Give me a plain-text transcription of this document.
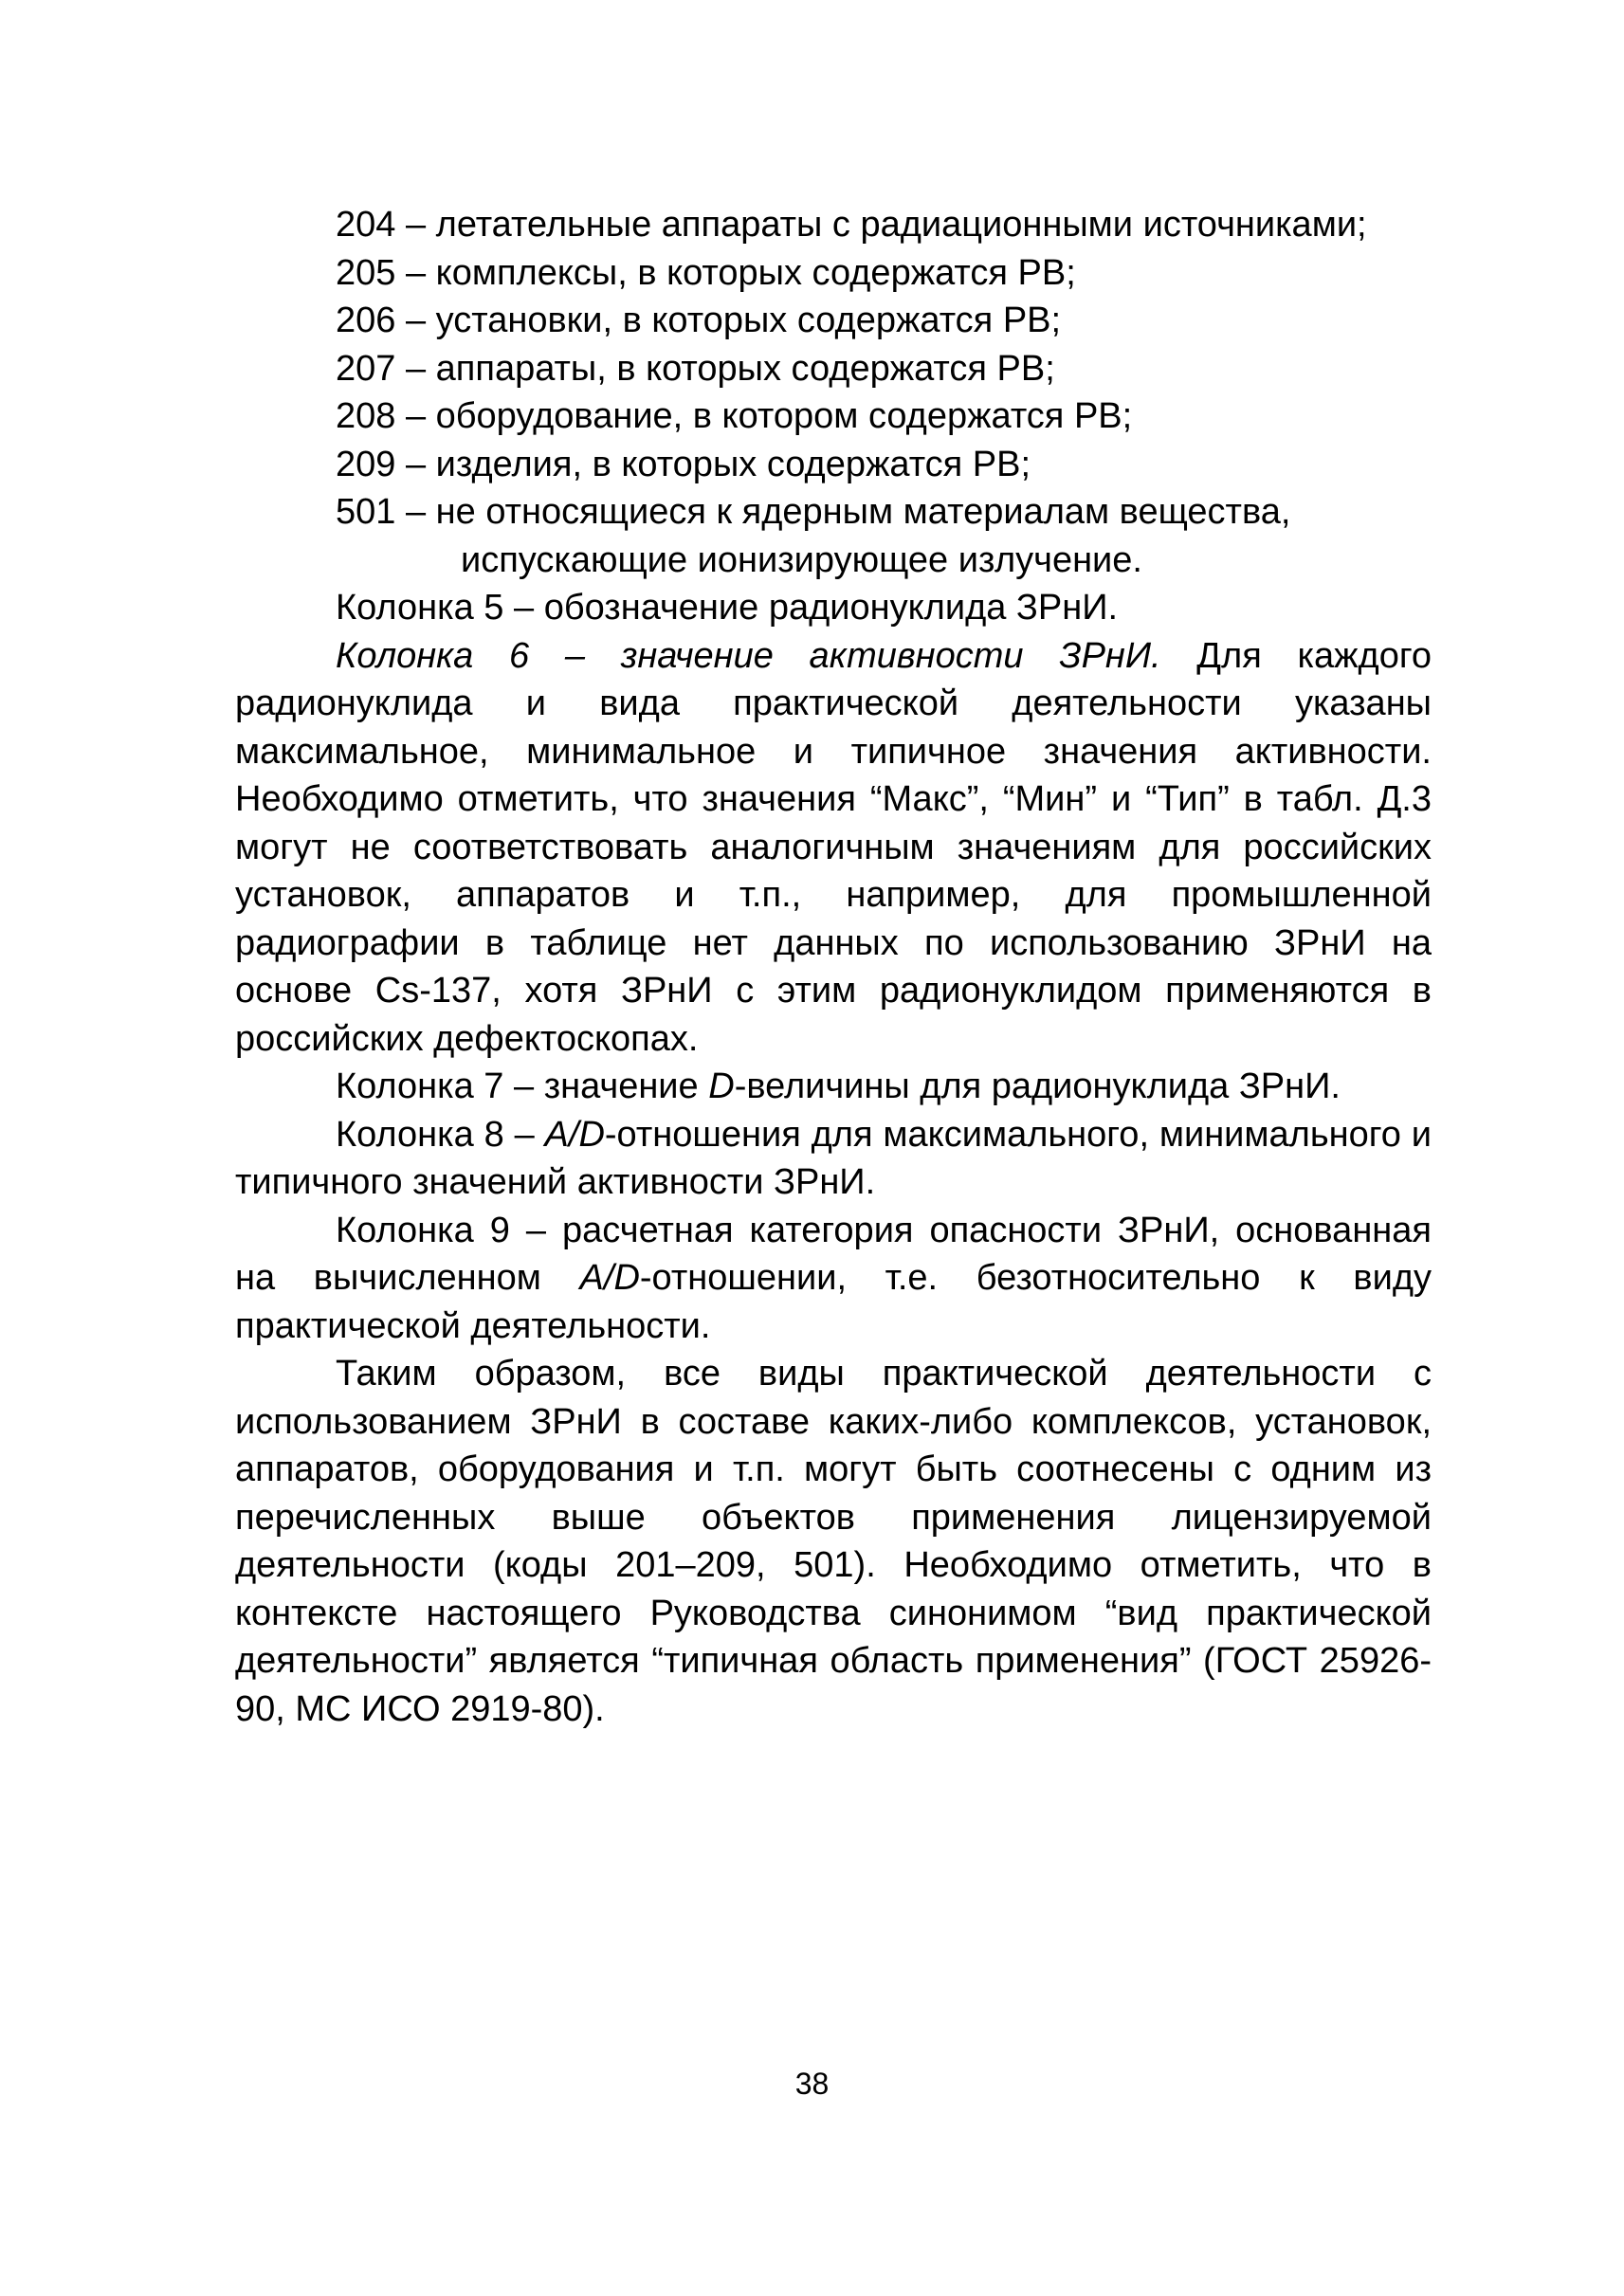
204 – летательные аппараты с радиационными источниками;

205 – комплексы, в которых содержатся РВ;

206 – установки, в которых содержатся РВ;

207 – аппараты, в которых содержатся РВ;

208 – оборудование, в котором содержатся РВ;

209 – изделия, в которых содержатся РВ;

501 – не относящиеся к ядерным материалам вещества,

испускающие ионизирующее излучение.

Колонка 5 – обозначение радионуклида ЗРнИ.

Колонка 6 – значение активности ЗРнИ. Для каждого радионуклида и вида практической деятельности указаны максимальное, минимальное и типичное значения активности. Необходимо отметить, что значения “Макс”, “Мин” и “Тип” в табл. Д.3 могут не соответствовать аналогичным значениям для российских установок, аппаратов и т.п., например, для промышленной радиографии в таблице нет данных по использованию ЗРнИ на основе Cs-137, хотя ЗРнИ с этим радионуклидом применяются в российских дефектоскопах.

Колонка 7 – значение D-величины для радионуклида ЗРнИ.

Колонка 8 – A/D-отношения для максимального, минимального и типичного значений активности ЗРнИ.

Колонка 9 – расчетная категория опасности ЗРнИ, основанная на вычисленном A/D-отношении, т.е. безотносительно к виду практической деятельности.

Таким образом, все виды практической деятельности с использованием ЗРнИ в составе каких-либо комплексов, установок, аппаратов, оборудования и т.п. могут быть соотнесены с одним из перечисленных выше объектов применения лицензируемой деятельности (коды 201–209, 501). Необходимо отметить, что в контексте настоящего Руководства синонимом “вид практической деятельности” является “типичная область применения” (ГОСТ 25926-90, МС ИСО 2919-80).

38
